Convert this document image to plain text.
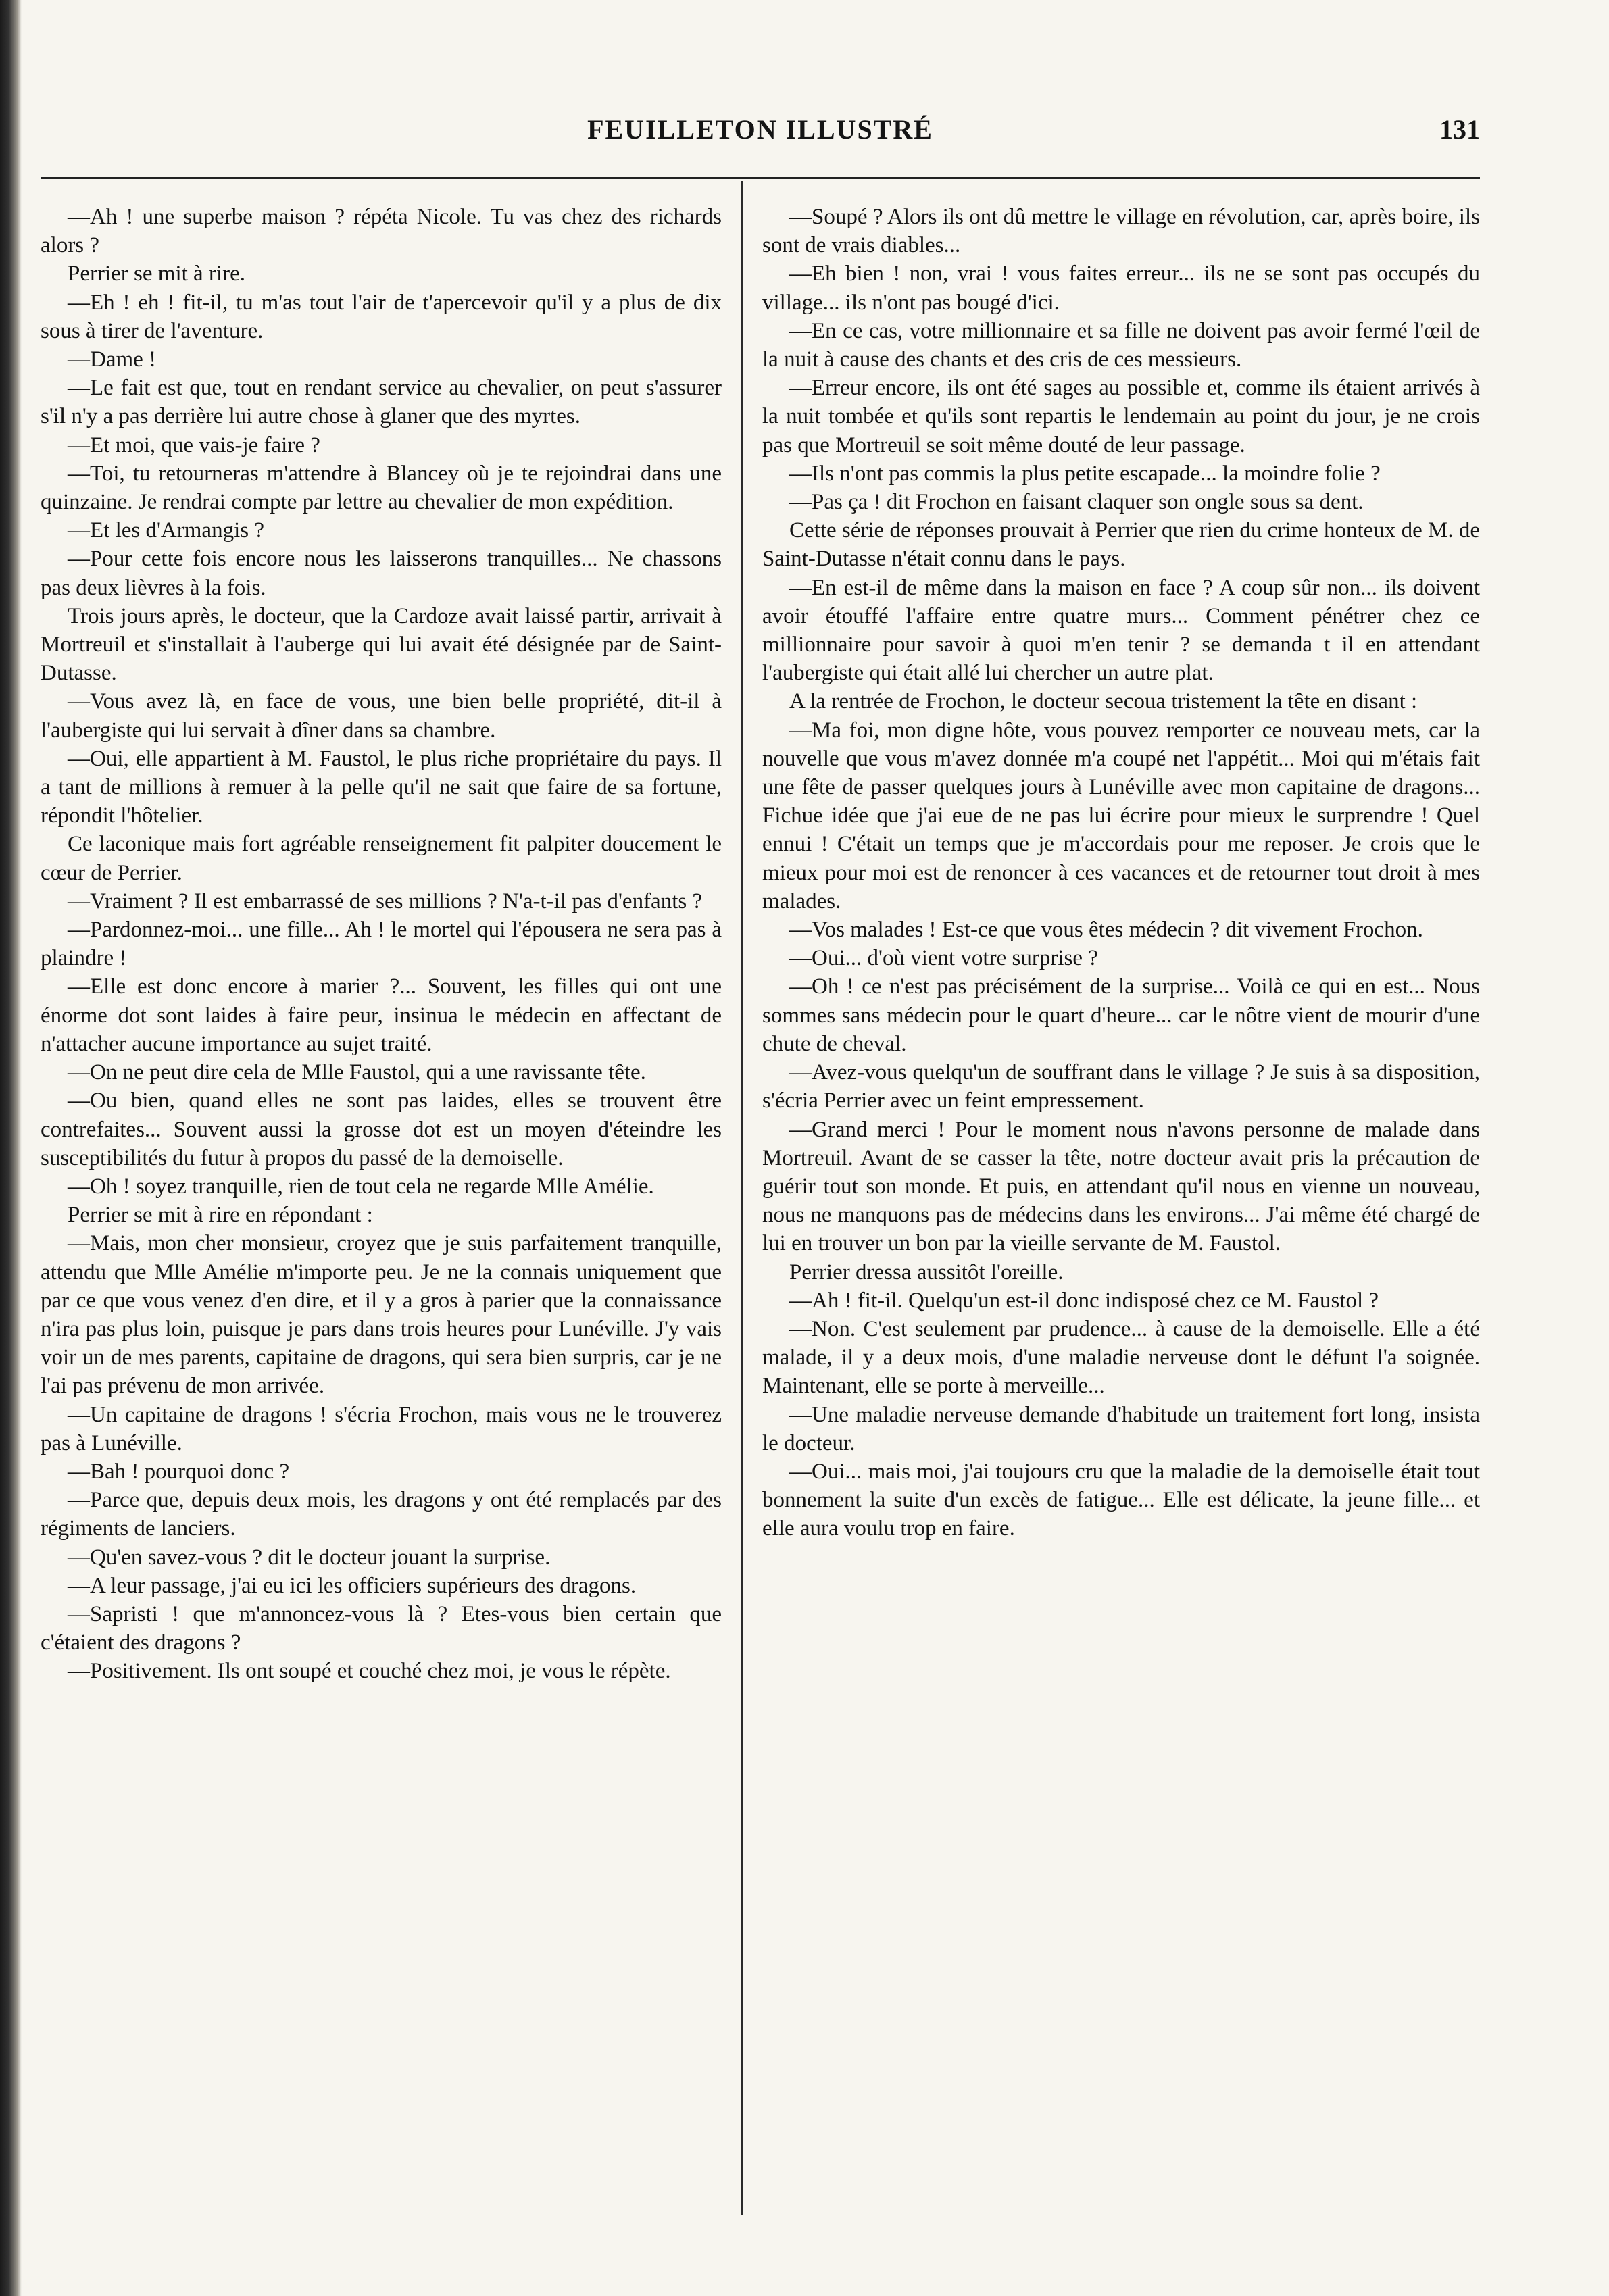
FEUILLETON ILLUSTRÉ	131

—Ah ! une superbe maison ? répéta Nicole. Tu vas chez des richards alors ?

Perrier se mit à rire.

—Eh ! eh ! fit-il, tu m'as tout l'air de t'apercevoir qu'il y a plus de dix sous à tirer de l'aventure.

—Dame !

—Le fait est que, tout en rendant service au chevalier, on peut s'assurer s'il n'y a pas derrière lui autre chose à glaner que des myrtes.

—Et moi, que vais-je faire ?

—Toi, tu retourneras m'attendre à Blancey où je te rejoindrai dans une quinzaine. Je rendrai compte par lettre au chevalier de mon expédition.

—Et les d'Armangis ?

—Pour cette fois encore nous les laisserons tranquilles... Ne chassons pas deux lièvres à la fois.

Trois jours après, le docteur, que la Cardoze avait laissé partir, arrivait à Mortreuil et s'installait à l'auberge qui lui avait été désignée par de Saint-Dutasse.

—Vous avez là, en face de vous, une bien belle propriété, dit-il à l'aubergiste qui lui servait à dîner dans sa chambre.

—Oui, elle appartient à M. Faustol, le plus riche propriétaire du pays. Il a tant de millions à remuer à la pelle qu'il ne sait que faire de sa fortune, répondit l'hôtelier.

Ce laconique mais fort agréable renseignement fit palpiter doucement le cœur de Perrier.

—Vraiment ? Il est embarrassé de ses millions ? N'a-t-il pas d'enfants ?

—Pardonnez-moi... une fille... Ah ! le mortel qui l'épousera ne sera pas à plaindre !

—Elle est donc encore à marier ?... Souvent, les filles qui ont une énorme dot sont laides à faire peur, insinua le médecin en affectant de n'attacher aucune importance au sujet traité.

—On ne peut dire cela de Mlle Faustol, qui a une ravissante tête.

—Ou bien, quand elles ne sont pas laides, elles se trouvent être contrefaites... Souvent aussi la grosse dot est un moyen d'éteindre les susceptibilités du futur à propos du passé de la demoiselle.

—Oh ! soyez tranquille, rien de tout cela ne regarde Mlle Amélie.

Perrier se mit à rire en répondant :

—Mais, mon cher monsieur, croyez que je suis parfaitement tranquille, attendu que Mlle Amélie m'importe peu. Je ne la connais uniquement que par ce que vous venez d'en dire, et il y a gros à parier que la connaissance n'ira pas plus loin, puisque je pars dans trois heures pour Lunéville. J'y vais voir un de mes parents, capitaine de dragons, qui sera bien surpris, car je ne l'ai pas prévenu de mon arrivée.

—Un capitaine de dragons ! s'écria Frochon, mais vous ne le trouverez pas à Lunéville.

—Bah ! pourquoi donc ?

—Parce que, depuis deux mois, les dragons y ont été remplacés par des régiments de lanciers.

—Qu'en savez-vous ? dit le docteur jouant la surprise.

—A leur passage, j'ai eu ici les officiers supérieurs des dragons.

—Sapristi ! que m'annoncez-vous là ? Etes-vous bien certain que c'étaient des dragons ?

—Positivement. Ils ont soupé et couché chez moi, je vous le répète.

—Soupé ? Alors ils ont dû mettre le village en révolution, car, après boire, ils sont de vrais diables...

—Eh bien ! non, vrai ! vous faites erreur... ils ne se sont pas occupés du village... ils n'ont pas bougé d'ici.

—En ce cas, votre millionnaire et sa fille ne doivent pas avoir fermé l'œil de la nuit à cause des chants et des cris de ces messieurs.

—Erreur encore, ils ont été sages au possible et, comme ils étaient arrivés à la nuit tombée et qu'ils sont repartis le lendemain au point du jour, je ne crois pas que Mortreuil se soit même douté de leur passage.

—Ils n'ont pas commis la plus petite escapade... la moindre folie ?

—Pas ça ! dit Frochon en faisant claquer son ongle sous sa dent.

Cette série de réponses prouvait à Perrier que rien du crime honteux de M. de Saint-Dutasse n'était connu dans le pays.

—En est-il de même dans la maison en face ? A coup sûr non... ils doivent avoir étouffé l'affaire entre quatre murs... Comment pénétrer chez ce millionnaire pour savoir à quoi m'en tenir ? se demanda t il en attendant l'aubergiste qui était allé lui chercher un autre plat.

A la rentrée de Frochon, le docteur secoua tristement la tête en disant :

—Ma foi, mon digne hôte, vous pouvez remporter ce nouveau mets, car la nouvelle que vous m'avez donnée m'a coupé net l'appétit... Moi qui m'étais fait une fête de passer quelques jours à Lunéville avec mon capitaine de dragons... Fichue idée que j'ai eue de ne pas lui écrire pour mieux le surprendre ! Quel ennui ! C'était un temps que je m'accordais pour me reposer. Je crois que le mieux pour moi est de renoncer à ces vacances et de retourner tout droit à mes malades.

—Vos malades ! Est-ce que vous êtes médecin ? dit vivement Frochon.

—Oui... d'où vient votre surprise ?

—Oh ! ce n'est pas précisément de la surprise... Voilà ce qui en est... Nous sommes sans médecin pour le quart d'heure... car le nôtre vient de mourir d'une chute de cheval.

—Avez-vous quelqu'un de souffrant dans le village ? Je suis à sa disposition, s'écria Perrier avec un feint empressement.

—Grand merci ! Pour le moment nous n'avons personne de malade dans Mortreuil. Avant de se casser la tête, notre docteur avait pris la précaution de guérir tout son monde. Et puis, en attendant qu'il nous en vienne un nouveau, nous ne manquons pas de médecins dans les environs... J'ai même été chargé de lui en trouver un bon par la vieille servante de M. Faustol.

Perrier dressa aussitôt l'oreille.

—Ah ! fit-il. Quelqu'un est-il donc indisposé chez ce M. Faustol ?

—Non. C'est seulement par prudence... à cause de la demoiselle. Elle a été malade, il y a deux mois, d'une maladie nerveuse dont le défunt l'a soignée. Maintenant, elle se porte à merveille...

—Une maladie nerveuse demande d'habitude un traitement fort long, insista le docteur.

—Oui... mais moi, j'ai toujours cru que la maladie de la demoiselle était tout bonnement la suite d'un excès de fatigue... Elle est délicate, la jeune fille... et elle aura voulu trop en faire.
